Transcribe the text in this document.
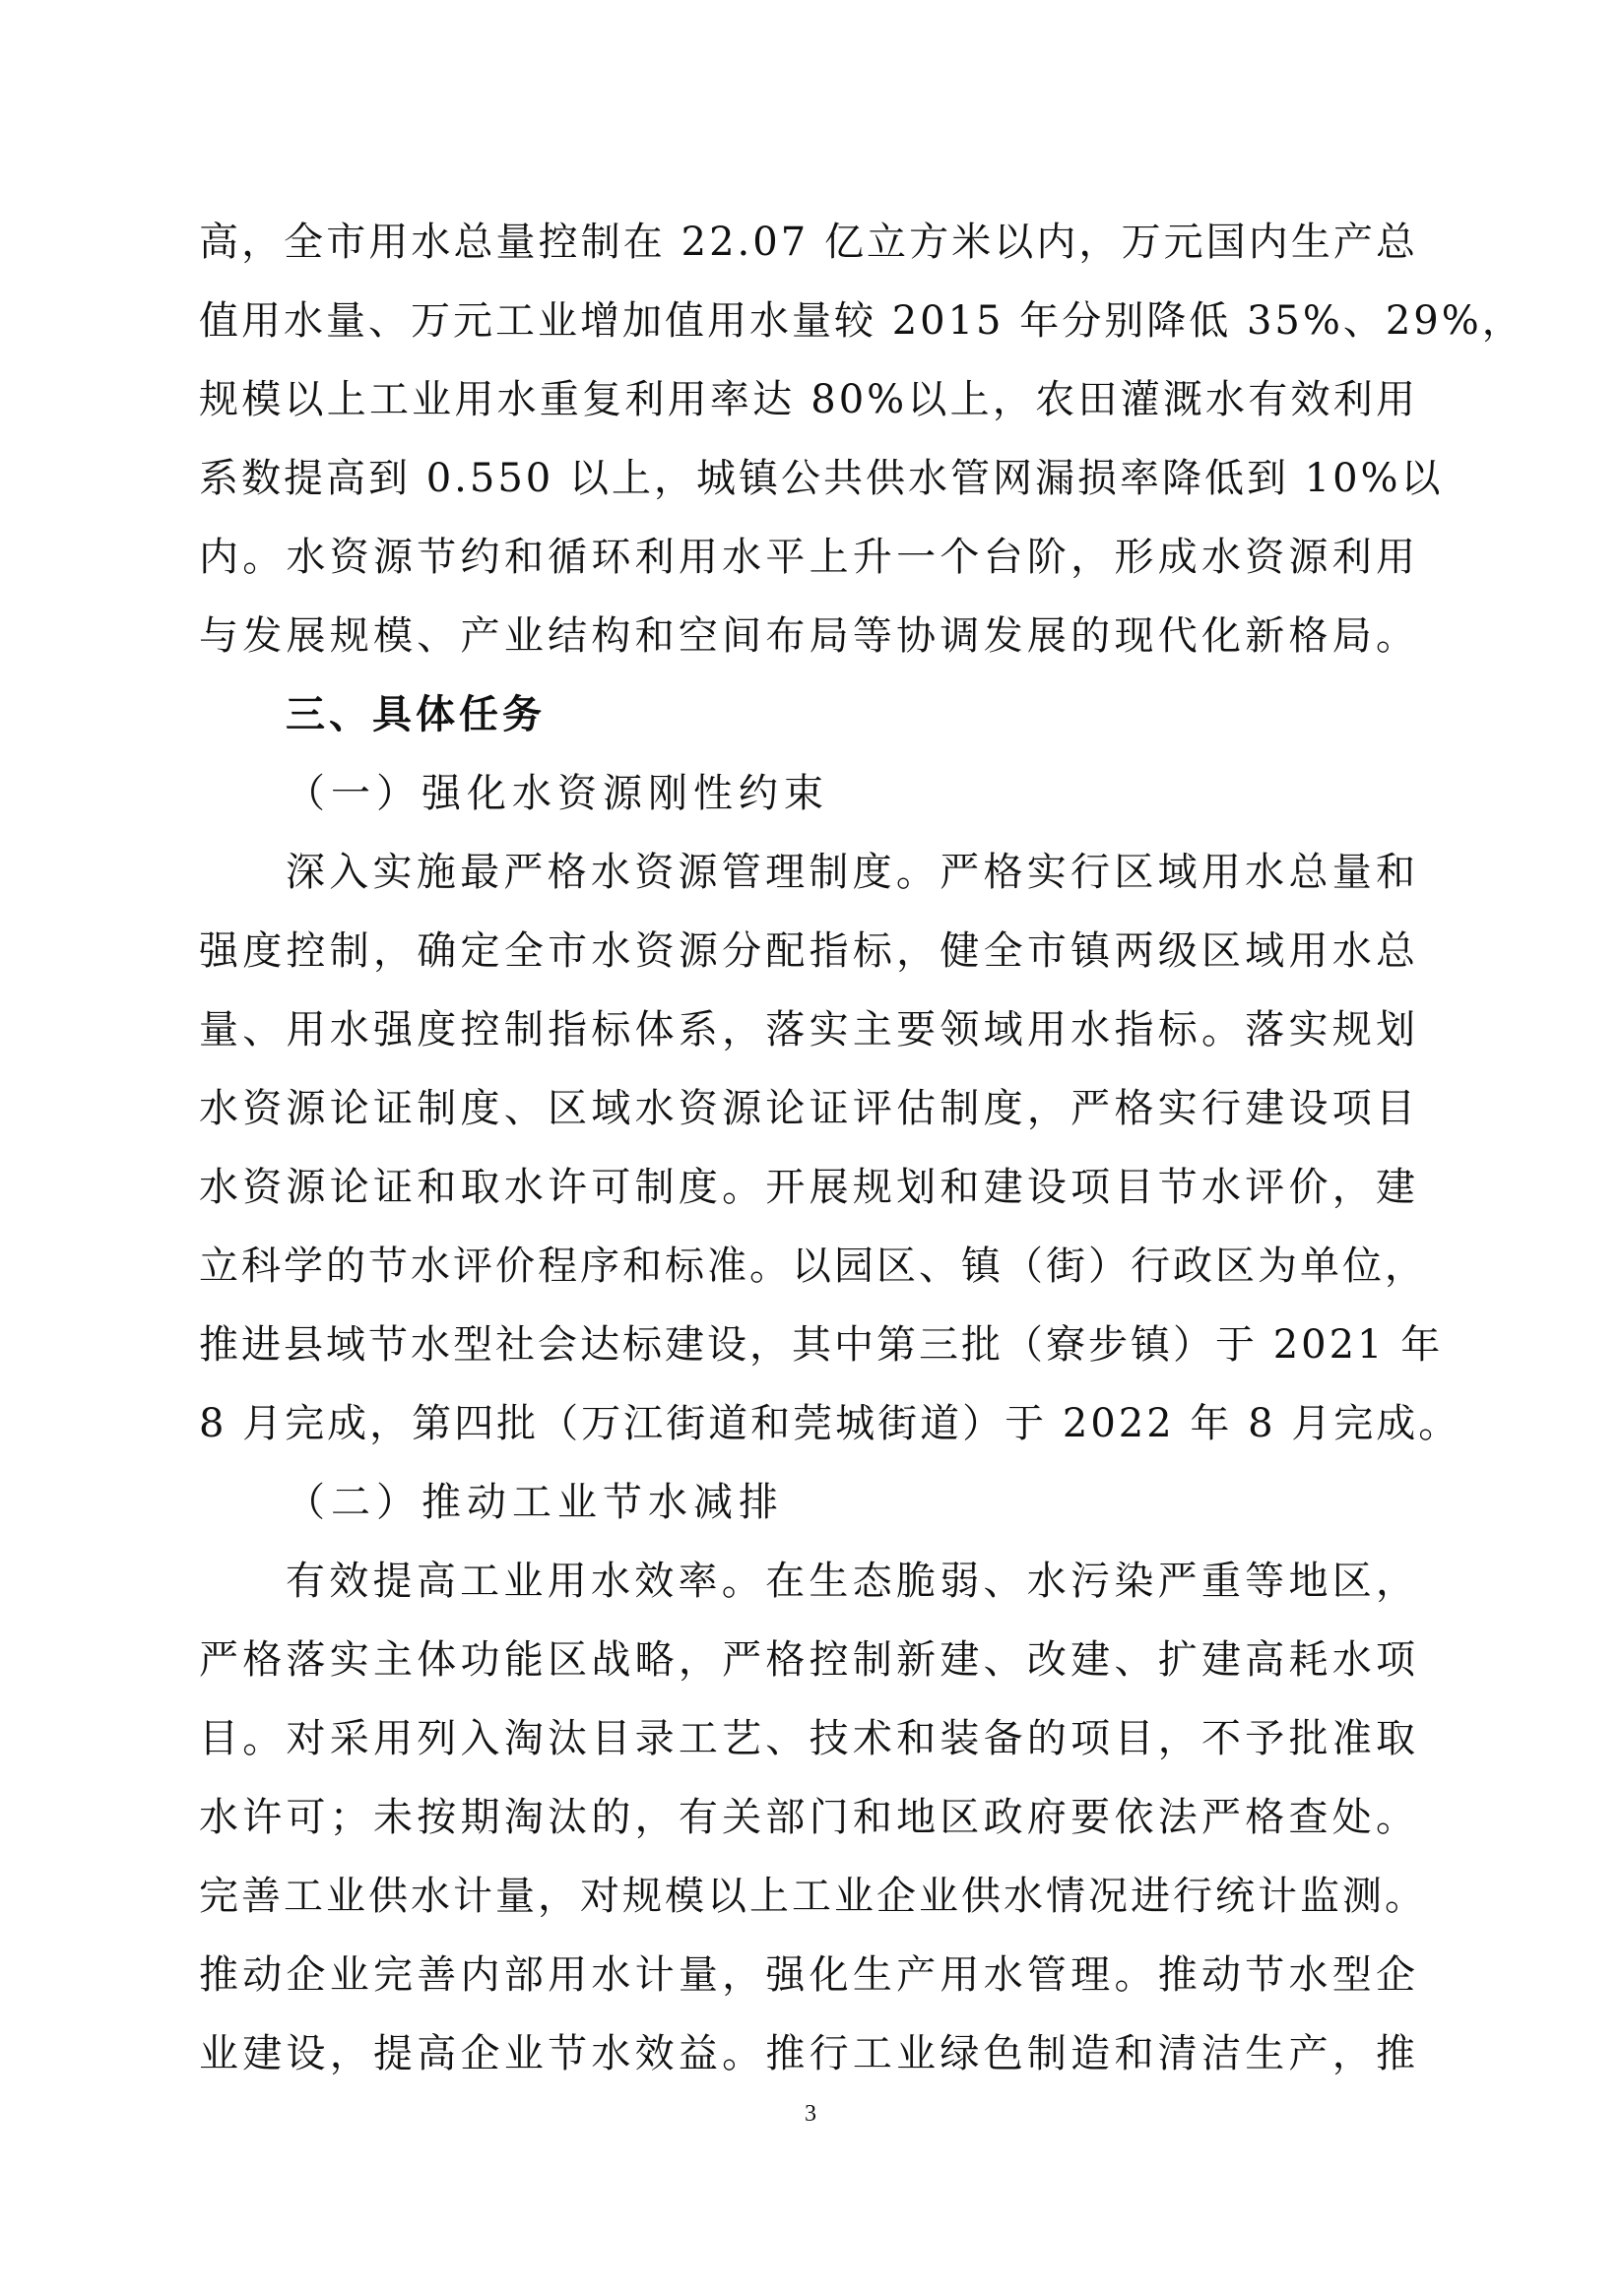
高，全市用水总量控制在 22.07 亿立方米以内，万元国内生产总
值用水量、万元工业增加值用水量较 2015 年分别降低 35%、29%，
规模以上工业用水重复利用率达 80%以上，农田灌溉水有效利用
系数提高到 0.550 以上，城镇公共供水管网漏损率降低到 10%以
内。水资源节约和循环利用水平上升一个台阶，形成水资源利用
与发展规模、产业结构和空间布局等协调发展的现代化新格局。
三、具体任务
（一）强化水资源刚性约束
深入实施最严格水资源管理制度。严格实行区域用水总量和
强度控制，确定全市水资源分配指标，健全市镇两级区域用水总
量、用水强度控制指标体系，落实主要领域用水指标。落实规划
水资源论证制度、区域水资源论证评估制度，严格实行建设项目
水资源论证和取水许可制度。开展规划和建设项目节水评价，建
立科学的节水评价程序和标准。以园区、镇（街）行政区为单位，
推进县域节水型社会达标建设，其中第三批（寮步镇）于 2021 年
8 月完成，第四批（万江街道和莞城街道）于 2022 年 8 月完成。
（二）推动工业节水减排
有效提高工业用水效率。在生态脆弱、水污染严重等地区，
严格落实主体功能区战略，严格控制新建、改建、扩建高耗水项
目。对采用列入淘汰目录工艺、技术和装备的项目，不予批准取
水许可；未按期淘汰的，有关部门和地区政府要依法严格查处。
完善工业供水计量，对规模以上工业企业供水情况进行统计监测。
推动企业完善内部用水计量，强化生产用水管理。推动节水型企
业建设，提高企业节水效益。推行工业绿色制造和清洁生产，推
3
